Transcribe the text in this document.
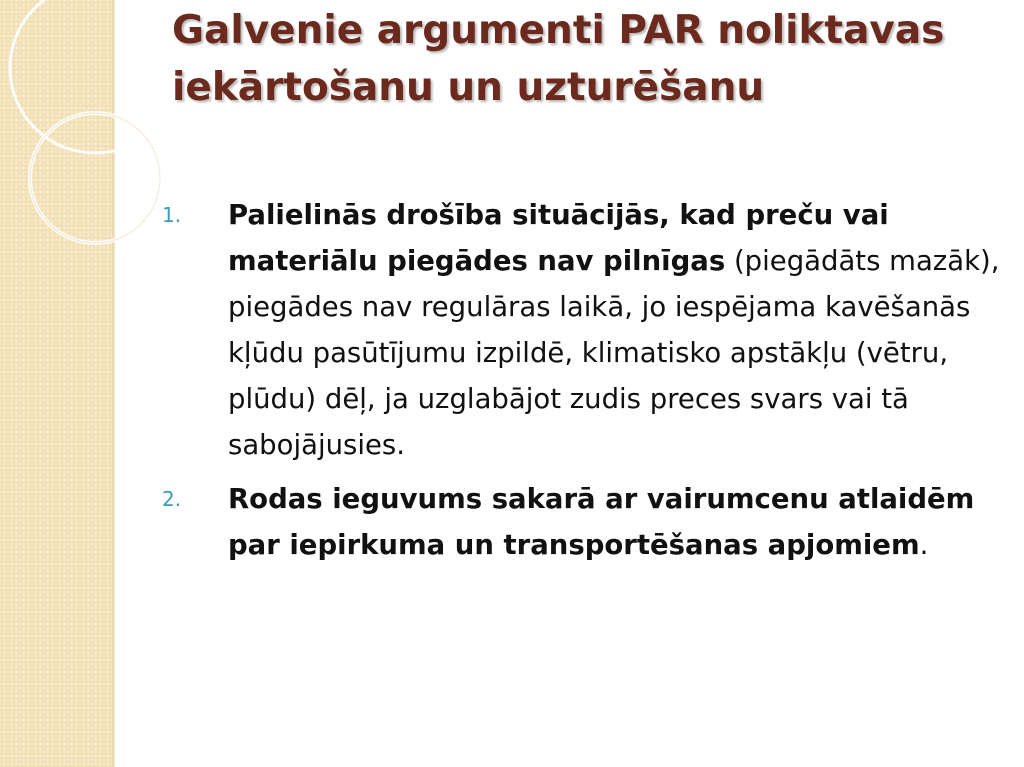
Galvenie argumenti PAR noliktavas iekārtošanu un uzturēšanu
1.	Palielinās drošība situācijās, kad preču vai materiālu piegādes nav pilnīgas (piegādāts mazāk), piegādes nav regulāras laikā, jo iespējama kavēšanās kļūdu pasūtījumu izpildē, klimatisko apstākļu (vētru, plūdu) dēļ, ja uzglabājot zudis preces svars vai tā sabojājusies.
2.	Rodas ieguvums sakarā ar vairumcenu atlaidēm par iepirkuma un transportēšanas apjomiem.
